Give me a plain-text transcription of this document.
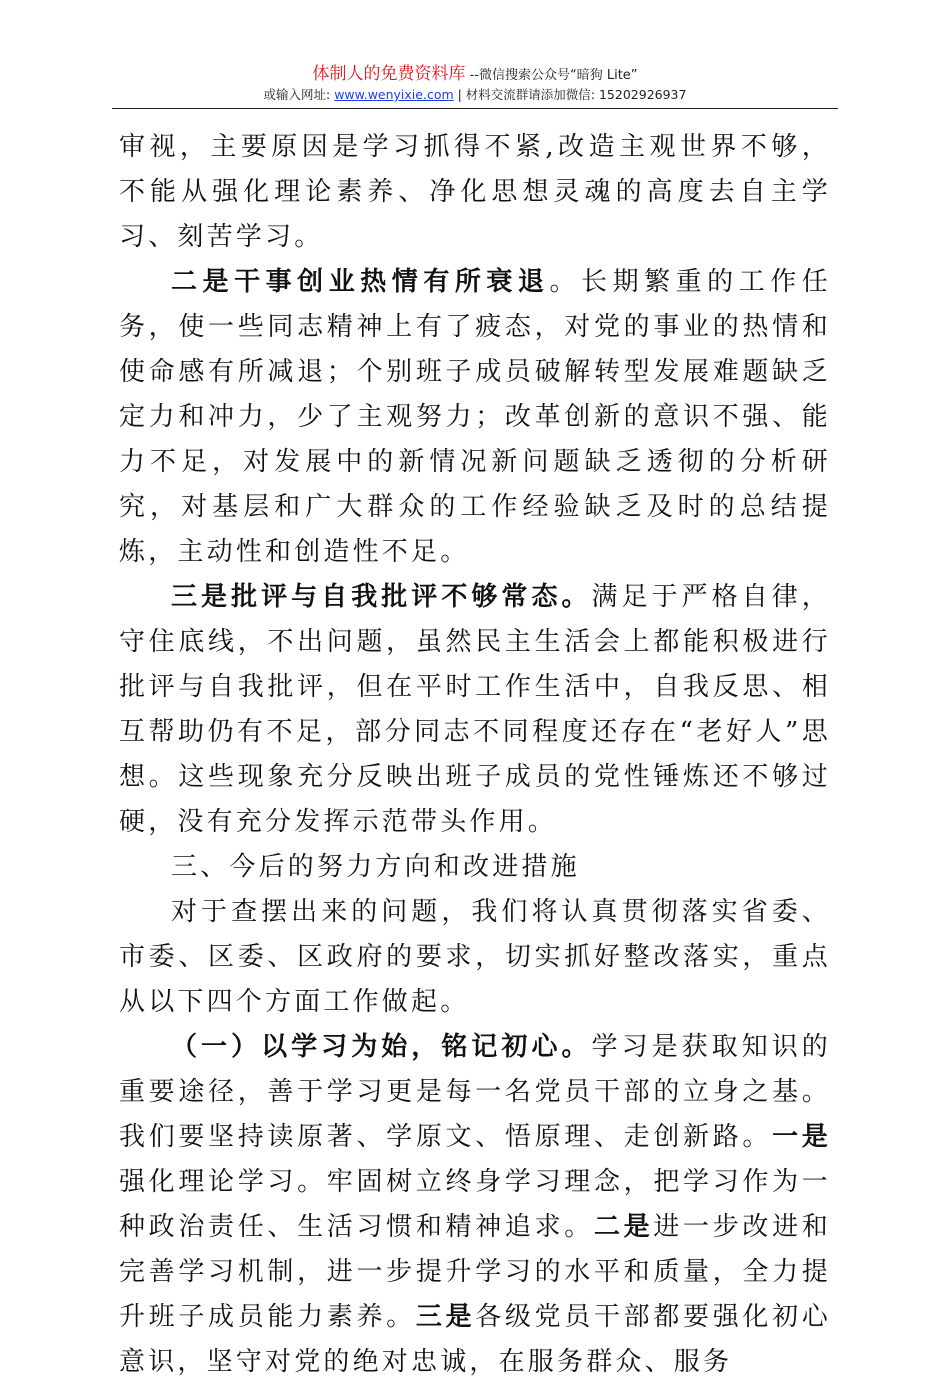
体制人的免费资料库 --微信搜索公众号“暗狗 Lite”
或输入网址: www.wenyixie.com | 材料交流群请添加微信: 15202926937

审视，主要原因是学习抓得不紧,改造主观世界不够，不能从强化理论素养、净化思想灵魂的高度去自主学习、刻苦学习。

二是干事创业热情有所衰退。长期繁重的工作任务，使一些同志精神上有了疲态，对党的事业的热情和使命感有所减退；个别班子成员破解转型发展难题缺乏定力和冲力，少了主观努力；改革创新的意识不强、能力不足，对发展中的新情况新问题缺乏透彻的分析研究，对基层和广大群众的工作经验缺乏及时的总结提炼，主动性和创造性不足。

三是批评与自我批评不够常态。满足于严格自律，守住底线，不出问题，虽然民主生活会上都能积极进行批评与自我批评，但在平时工作生活中，自我反思、相互帮助仍有不足，部分同志不同程度还存在“老好人”思想。这些现象充分反映出班子成员的党性锤炼还不够过硬，没有充分发挥示范带头作用。

三、今后的努力方向和改进措施

对于查摆出来的问题，我们将认真贯彻落实省委、市委、区委、区政府的要求，切实抓好整改落实，重点从以下四个方面工作做起。

（一）以学习为始，铭记初心。学习是获取知识的重要途径，善于学习更是每一名党员干部的立身之基。我们要坚持读原著、学原文、悟原理、走创新路。一是强化理论学习。牢固树立终身学习理念，把学习作为一种政治责任、生活习惯和精神追求。二是进一步改进和完善学习机制，进一步提升学习的水平和质量，全力提升班子成员能力素养。三是各级党员干部都要强化初心意识，坚守对党的绝对忠诚，在服务群众、服务
